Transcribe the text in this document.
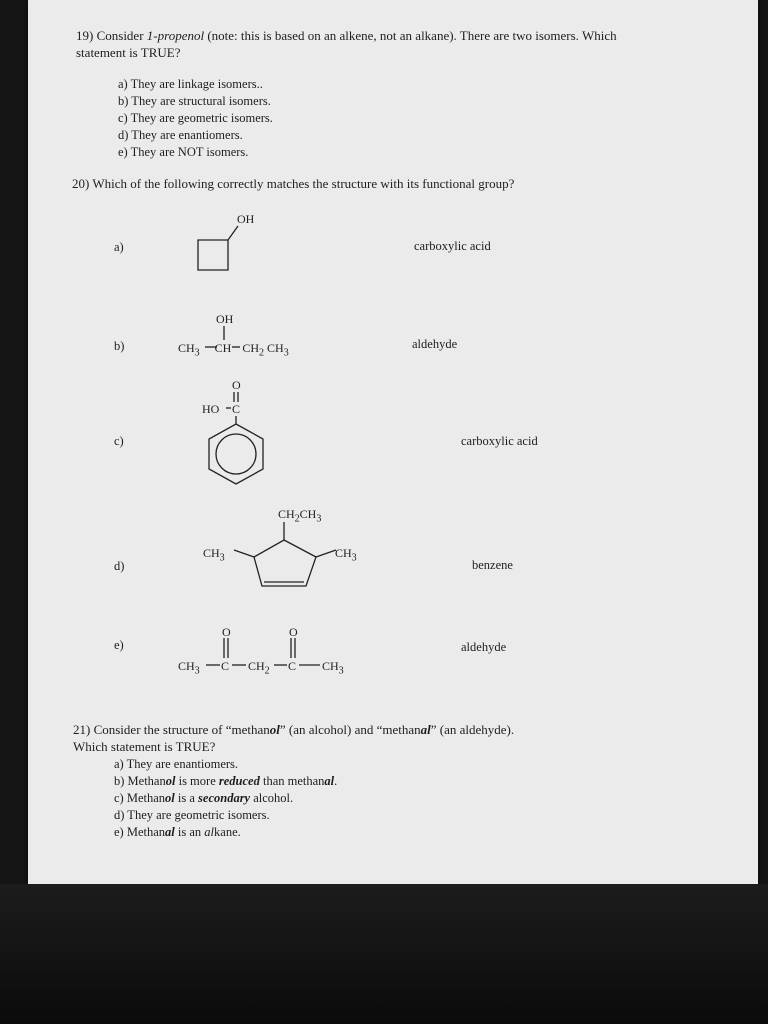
19) Consider 1-propenol (note: this is based on an alkene, not an alkane). There are two isomers. Which
statement is TRUE?
a) They are linkage isomers..
b) They are structural isomers.
c) They are geometric isomers.
d) They are enantiomers.
e) They are NOT isomers.
20) Which of the following correctly matches the structure with its functional group?
a)
OH
carboxylic acid
b)
OH
$CH_3$ CH $CH_2$ $CH_3$
aldehyde
c)
O
HO C
carboxylic acid
d)
$CH_2CH_3$
$CH_3$	$CH_3$
benzene
e)
O	O
$CH_3$ C $CH_2$ C $CH_3$
aldehyde
21) Consider the structure of “methanol” (an alcohol) and “methanal” (an aldehyde).
Which statement is TRUE?
a) They are enantiomers.
b) Methanol is more reduced than methanal.
c) Methanol is a secondary alcohol.
d) They are geometric isomers.
e) Methanal is an alkane.
